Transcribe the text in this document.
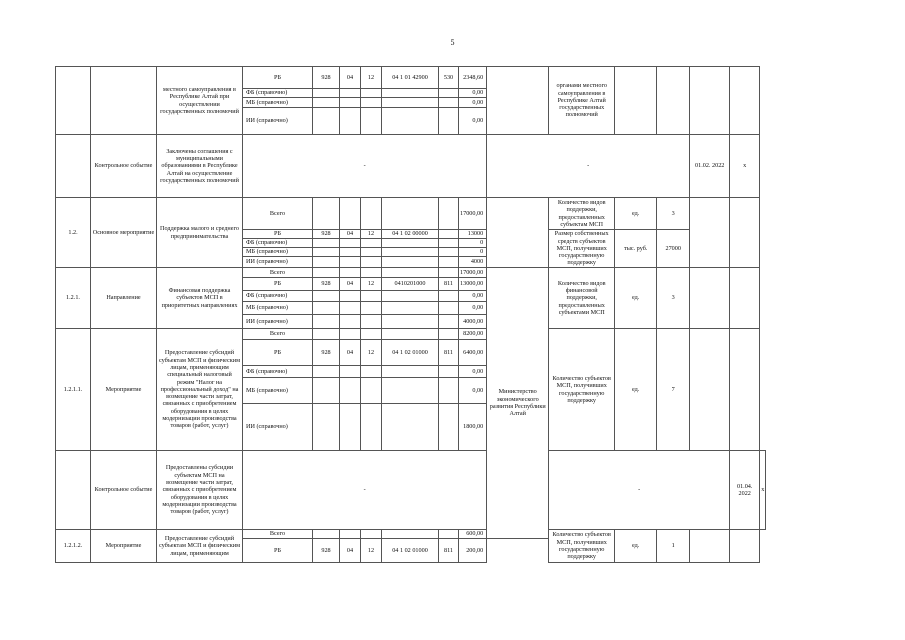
5
		местного самоуправления в Республике Алтай при осуществлении государственных полномочий	РБ	928	04	12	04 1 01 42900	530	2348,60		органами местного самоуправления в Республике Алтай государственных полномочий					
			ФБ (справочно)						0,00							
			МБ (справочно)						0,00							
			ИИ (справочно)						0,00							
	Контрольное событие	Заключены соглашения с муниципальными образованиями в Республике Алтай на осуществление государственных полномочий	-							-				01.02. 2022	х	
1.2.	Основное мероприятие	Поддержка малого и среднего предпринимательства	Всего						17000,00		Количество видов поддержки, предоставленных субъектам МСП	ед.	3			
			РБ	928	04	12	04 1 02 00000		13000		Размер собственных средств субъектов МСП, получивших государственную поддержку	тыс. руб.	27000			
			ФБ (справочно)						0							
			МБ (справочно)						0							
			ИИ (справочно)						4000							
1.2.1.	Направление	Финансовая поддержка субъектов МСП в приоритетных направлениях	Всего						17000,00	Министерство экономического развития Республики Алтай	Количество видов финансовой поддержки, предоставленных субъектами МСП	ед.	3			
			РБ	928	04	12	0410201000	811	13000,00							
			ФБ (справочно)						0,00							
			МБ (справочно)						0,00							
			ИИ (справочно)						4000,00							
1.2.1.1.	Мероприятие	Предоставление субсидий субъектам МСП и физическим лицам, применяющим специальный налоговый режим "Налог на профессиональный доход" на возмещение части затрат, связанных с приобретением оборудования в целях модернизации производства товаров (работ, услуг)	Всего						8200,00		Количество субъектов МСП, получивших государственную поддержку	ед.	7			
			РБ	928	04	12	04 1 02 01000	811	6400,00							
			ФБ (справочно)						0,00							
			МБ (справочно)						0,00							
			ИИ (справочно)						1800,00							
	Контрольное событие	Предоставлены субсидии субъектам МСП на возмещение части затрат, связанных с приобретением оборудования в целях модернизации производства товаров (работ, услуг)	-								-				01.04. 2022	х
1.2.1.2.	Мероприятие	Предоставление субсидий субъектам МСП и физическим лицам, применяющим	Всего						600,00		Количество субъектов МСП, получивших государственную поддержку	ед.	1			
			РБ	928	04	12	04 1 02 01000	811	200,00							
